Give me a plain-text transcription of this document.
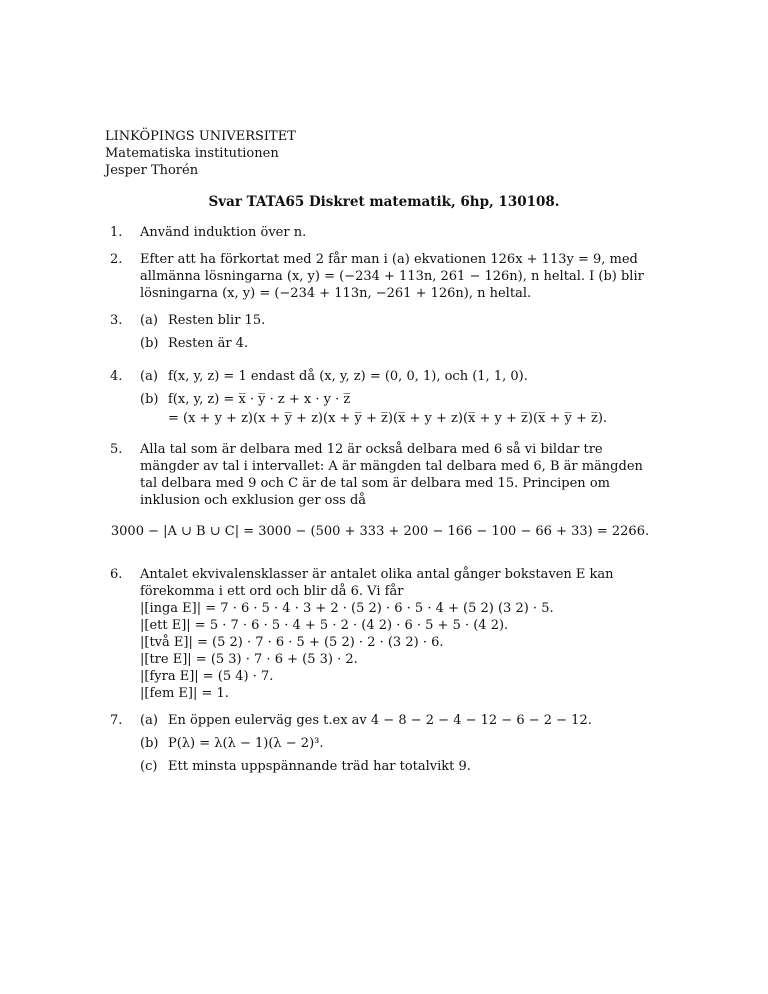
LINKÖPINGS UNIVERSITET
Matematiska institutionen
Jesper Thorén
Svar TATA65 Diskret matematik, 6hp, 130108.
1.	Använd induktion över n.
2.	Efter att ha förkortat med 2 får man i (a) ekvationen 126x + 113y = 9, med allmänna lösningarna (x, y) = (−234 + 113n, 261 − 126n), n heltal. I (b) blir lösningarna (x, y) = (−234 + 113n, −261 + 126n), n heltal.
3.	(a) Resten blir 15.
(b) Resten är 4.
4.	(a) f(x, y, z) = 1 endast då (x, y, z) = (0, 0, 1), och (1, 1, 0).
(b) f(x, y, z) = x̅ · y̅ · z + x · y · z̅
= (x + y + z)(x + y̅ + z)(x + y̅ + z̅)(x̅ + y + z)(x̅ + y + z̅)(x̅ + y̅ + z̅).
5.	Alla tal som är delbara med 12 är också delbara med 6 så vi bildar tre mängder av tal i intervallet: A är mängden tal delbara med 6, B är mängden tal delbara med 9 och C är de tal som är delbara med 15. Principen om inklusion och exklusion ger oss då
3000 − |A ∪ B ∪ C| = 3000 − (500 + 333 + 200 − 166 − 100 − 66 + 33) = 2266.
6.	Antalet ekvivalensklasser är antalet olika antal gånger bokstaven E kan förekomma i ett ord och blir då 6. Vi får
|[inga E]| = 7 · 6 · 5 · 4 · 3 + 2 · (5 2) · 6 · 5 · 4 + (5 2) (3 2) · 5.
|[ett E]| = 5 · 7 · 6 · 5 · 4 + 5 · 2 · (4 2) · 6 · 5 + 5 · (4 2).
|[två E]| = (5 2) · 7 · 6 · 5 + (5 2) · 2 · (3 2) · 6.
|[tre E]| = (5 3) · 7 · 6 + (5 3) · 2.
|[fyra E]| = (5 4) · 7.
|[fem E]| = 1.
7.	(a) En öppen eulerväg ges t.ex av 4 − 8 − 2 − 4 − 12 − 6 − 2 − 12.
(b) P(λ) = λ(λ − 1)(λ − 2)³.
(c) Ett minsta uppspännande träd har totalvikt 9.
